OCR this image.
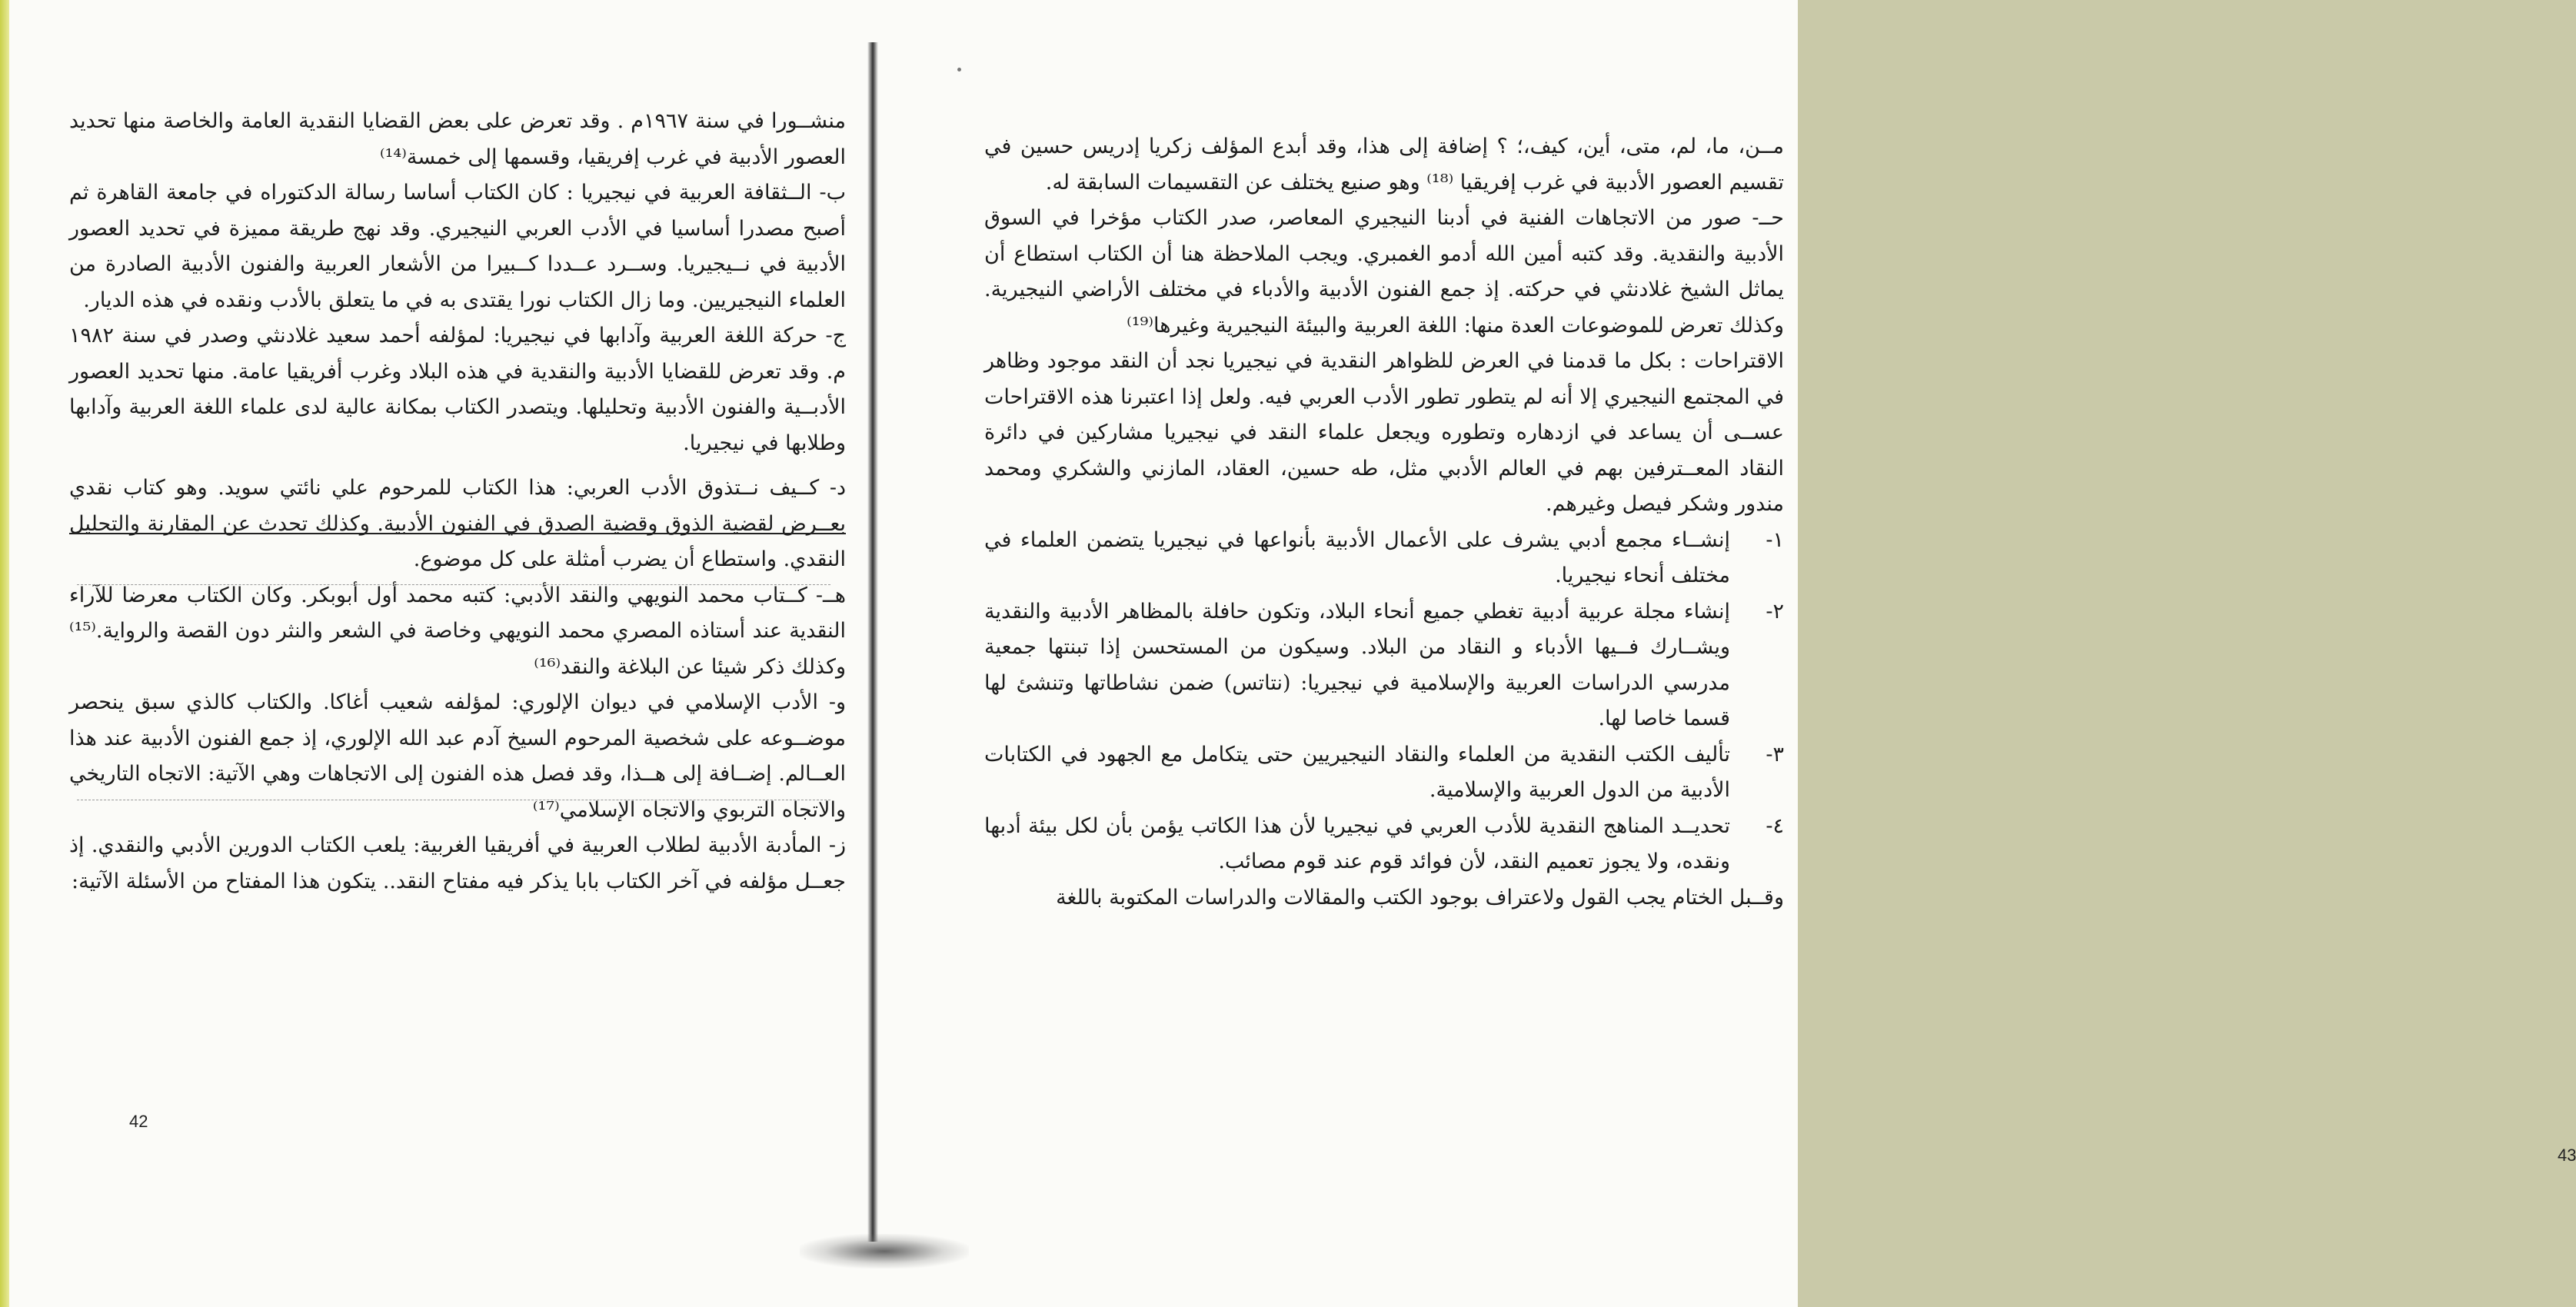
منشــورا في سنة ١٩٦٧م . وقد تعرض على بعض القضايا النقدية العامة والخاصة منها تحديد العصور الأدبية في غرب إفريقيا، وقسمها إلى خمسة⁽¹⁴⁾

ب- الــثقافة العربية في نيجيريا : كان الكتاب أساسا رسالة الدكتوراه في جامعة القاهرة ثم أصبح مصدرا أساسيا في الأدب العربي النيجيري. وقد نهج طريقة مميزة في تحديد العصور الأدبية في نــيجيريا. وســرد عــددا كــبيرا من الأشعار العربية والفنون الأدبية الصادرة من العلماء النيجيريين. وما زال الكتاب نورا يقتدى به في ما يتعلق بالأدب ونقده في هذه الديار.

ج- حركة اللغة العربية وآدابها في نيجيريا: لمؤلفه أحمد سعيد غلادنثي وصدر في سنة ١٩٨٢ م. وقد تعرض للقضايا الأدبية والنقدية في هذه البلاد وغرب أفريقيا عامة. منها تحديد العصور الأدبــية والفنون الأدبية وتحليلها. ويتصدر الكتاب بمكانة عالية لدى علماء اللغة العربية وآدابها وطلابها في نيجيريا.

د- كــيف نــتذوق الأدب العربي: هذا الكتاب للمرحوم علي نائتي سويد. وهو كتاب نقدي بعــرض لقضية الذوق وقضية الصدق في الفنون الأدبية. وكذلك تحدث عن المقارنة والتحليل النقدي. واستطاع أن يضرب أمثلة على كل موضوع.

هــ- كــتاب محمد النويهي والنقد الأدبي: كتبه محمد أول أبوبكر. وكان الكتاب معرضا للآراء النقدية عند أستاذه المصري محمد النويهي وخاصة في الشعر والنثر دون القصة والرواية.⁽¹⁵⁾ وكذلك ذكر شيئا عن البلاغة والنقد⁽¹⁶⁾

و- الأدب الإسلامي في ديوان الإلوري: لمؤلفه شعيب أغاكا. والكتاب كالذي سبق ينحصر موضــوعه على شخصية المرحوم السيخ آدم عبد الله الإلوري، إذ جمع الفنون الأدبية عند هذا العــالم. إضــافة إلى هــذا، وقد فصل هذه الفنون إلى الاتجاهات وهي الآتية: الاتجاه التاريخي والاتجاه التربوي والاتجاه الإسلامي⁽¹⁷⁾

ز- المأدبة الأدبية لطلاب العربية في أفريقيا الغربية: يلعب الكتاب الدورين الأدبي والنقدي. إذ جعــل مؤلفه في آخر الكتاب بابا يذكر فيه مفتاح النقد.. يتكون هذا المفتاح من الأسئلة الآتية:

42

مــن، ما، لم، متى، أين، كيف،؛ ؟ إضافة إلى هذا، وقد أبدع المؤلف زكريا إدريس حسين في تقسيم العصور الأدبية في غرب إفريقيا ⁽¹⁸⁾ وهو صنيع يختلف عن التقسيمات السابقة له.

حــ- صور من الاتجاهات الفنية في أدبنا النيجيري المعاصر، صدر الكتاب مؤخرا في السوق الأدبية والنقدية. وقد كتبه أمين الله أدمو الغمبري. ويجب الملاحظة هنا أن الكتاب استطاع أن يماثل الشيخ غلادنثي في حركته. إذ جمع الفنون الأدبية والأدباء في مختلف الأراضي النيجيرية. وكذلك تعرض للموضوعات العدة منها: اللغة العربية والبيئة النيجيرية وغيرها⁽¹⁹⁾

الاقتراحات : بكل ما قدمنا في العرض للظواهر النقدية في نيجيريا نجد أن النقد موجود وظاهر في المجتمع النيجيري إلا أنه لم يتطور تطور الأدب العربي فيه. ولعل إذا اعتبرنا هذه الاقتراحات عســى أن يساعد في ازدهاره وتطوره ويجعل علماء النقد في نيجيريا مشاركين في دائرة النقاد المعــترفين بهم في العالم الأدبي مثل، طه حسين، العقاد، المازني والشكري ومحمد مندور وشكر فيصل وغيرهم.

١-

إنشــاء مجمع أدبي يشرف على الأعمال الأدبية بأنواعها في نيجيريا يتضمن العلماء في مختلف أنحاء نيجيريا.

٢-

إنشاء مجلة عربية أدبية تغطي جميع أنحاء البلاد، وتكون حافلة بالمظاهر الأدبية والنقدية ويشــارك فــيها الأدباء و النقاد من البلاد. وسيكون من المستحسن إذا تبنتها جمعية مدرسي الدراسات العربية والإسلامية في نيجيريا: (نتاتس) ضمن نشاطاتها وتنشئ لها قسما خاصا لها.

٣-

تأليف الكتب النقدية من العلماء والنقاد النيجيريين حتى يتكامل مع الجهود في الكتابات الأدبية من الدول العربية والإسلامية.

٤-

تحديــد المناهج النقدية للأدب العربي في نيجيريا لأن هذا الكاتب يؤمن بأن لكل بيئة أدبها ونقده، ولا يجوز تعميم النقد، لأن فوائد قوم عند قوم مصائب.

وقــبل الختام يجب القول ولاعتراف بوجود الكتب والمقالات والدراسات المكتوبة باللغة

43
